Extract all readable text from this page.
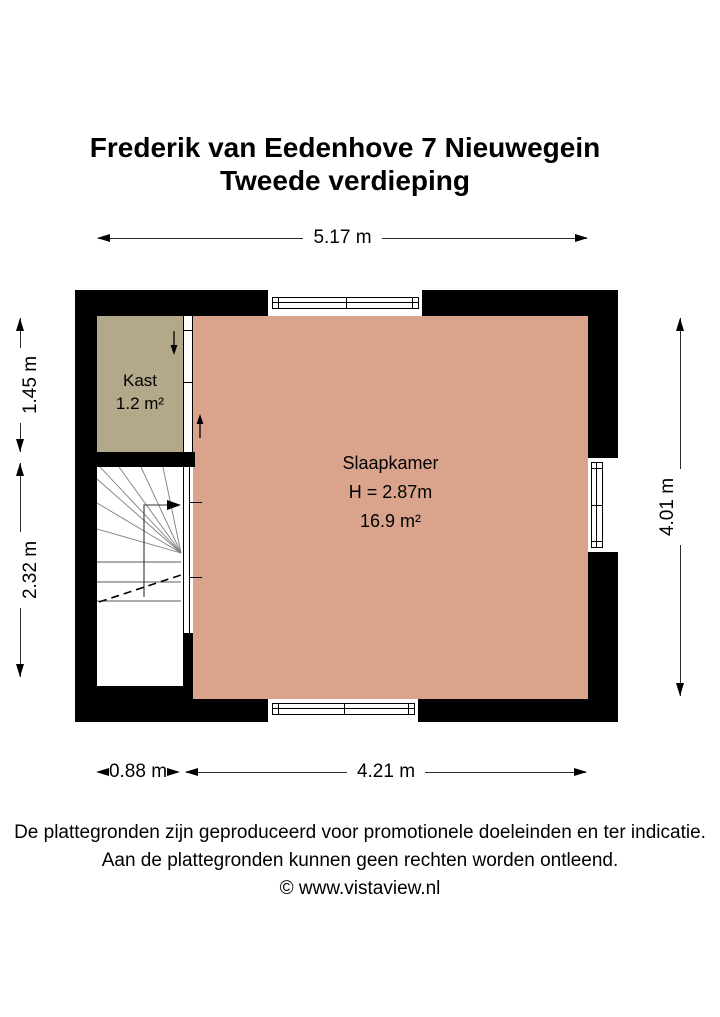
Frederik van Eedenhove 7 Nieuwegein
Tweede verdieping
5.17 m
Kast
1.2 m²
Slaapkamer
H = 2.87m
16.9 m²
1.45 m
2.32 m
4.01 m
0.88 m	4.21 m
De plattegronden zijn geproduceerd voor promotionele doeleinden en ter indicatie.
Aan de plattegronden kunnen geen rechten worden ontleend.
© www.vistaview.nl
